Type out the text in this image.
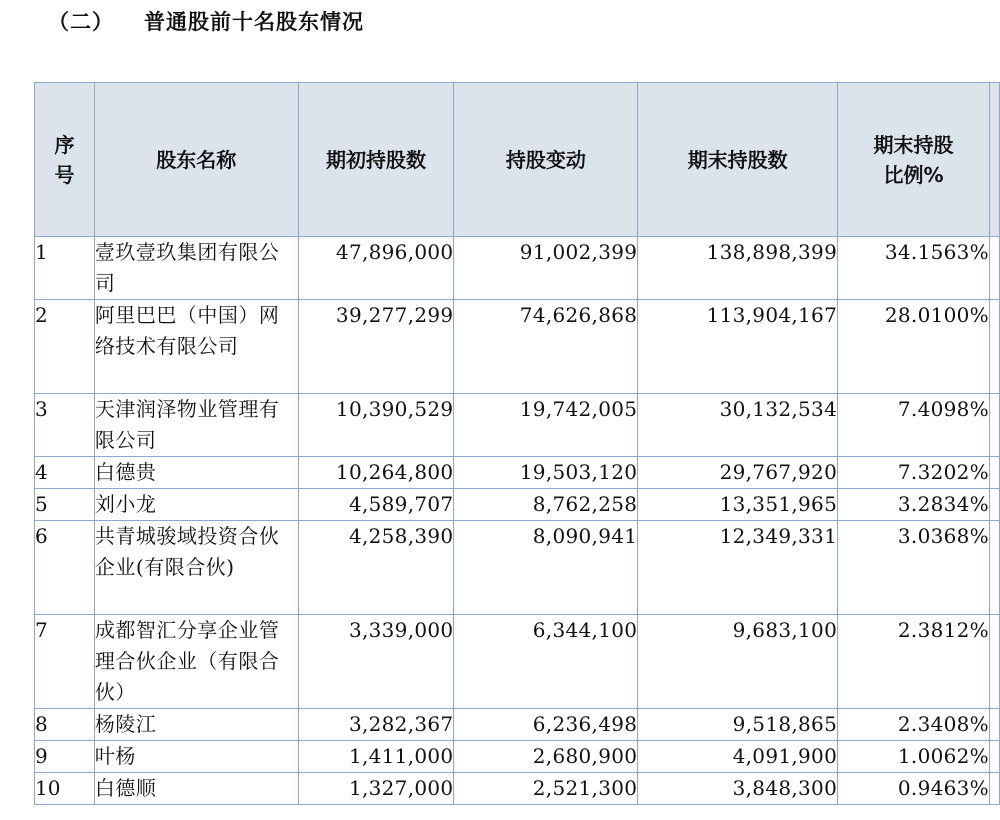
（二） 普通股前十名股东情况
序号	股东名称	期初持股数	持股变动	期末持股数	期末持股比例%	
1	壹玖壹玖集团有限公司	47,896,000	91,002,399	138,898,399	34.1563%	
2	阿里巴巴（中国）网络技术有限公司	39,277,299	74,626,868	113,904,167	28.0100%	
3	天津润泽物业管理有限公司	10,390,529	19,742,005	30,132,534	7.4098%	
4	白德贵	10,264,800	19,503,120	29,767,920	7.3202%	
5	刘小龙	4,589,707	8,762,258	13,351,965	3.2834%	
6	共青城骏域投资合伙企业(有限合伙)	4,258,390	8,090,941	12,349,331	3.0368%	
7	成都智汇分享企业管理合伙企业（有限合伙）	3,339,000	6,344,100	9,683,100	2.3812%	
8	杨陵江	3,282,367	6,236,498	9,518,865	2.3408%	
9	叶杨	1,411,000	2,680,900	4,091,900	1.0062%	
10	白德顺	1,327,000	2,521,300	3,848,300	0.9463%	
